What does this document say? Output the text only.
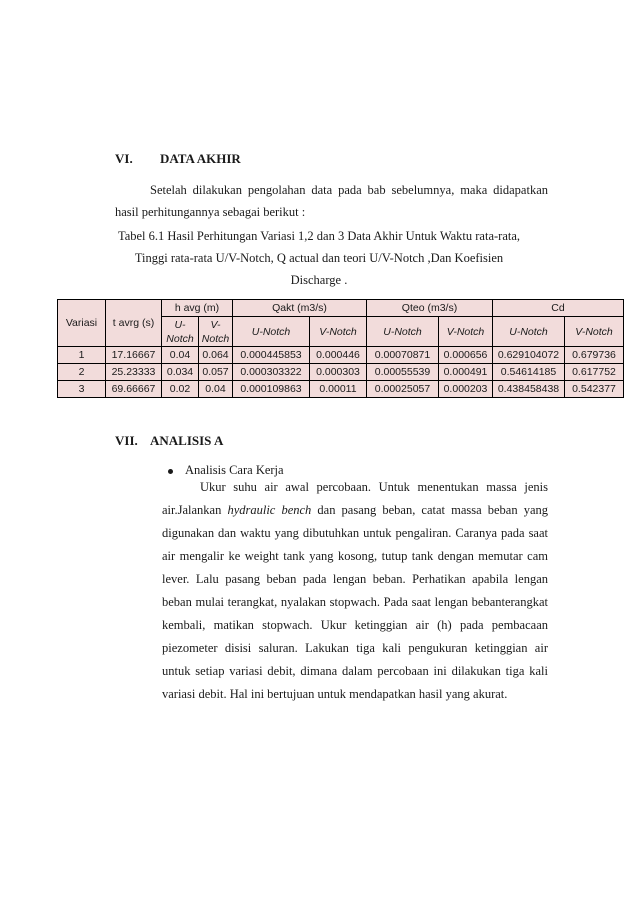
VI. DATA AKHIR
Setelah dilakukan pengolahan data pada bab sebelumnya, maka didapatkan
hasil perhitungannya sebagai berikut :
Tabel 6.1 Hasil Perhitungan Variasi 1,2 dan 3 Data Akhir Untuk Waktu rata-rata,
Tinggi rata-rata U/V-Notch, Q actual dan teori U/V-Notch ,Dan Koefisien
Discharge .
Variasi	t avrg (s)	h avg (m)		Qakt (m3/s)		Qteo (m3/s)		Cd	
		U-Notch	V-Notch	U-Notch	V-Notch	U-Notch	V-Notch	U-Notch	V-Notch
1	17.16667	0.04	0.064	0.000445853	0.000446	0.00070871	0.000656	0.629104072	0.679736
2	25.23333	0.034	0.057	0.000303322	0.000303	0.00055539	0.000491	0.54614185	0.617752
3	69.66667	0.02	0.04	0.000109863	0.00011	0.00025057	0.000203	0.438458438	0.542377
VII. ANALISIS A
Analisis Cara Kerja
Ukur suhu air awal percobaan. Untuk menentukan massa jenis
air.Jalankan hydraulic bench dan pasang beban, catat massa beban yang
digunakan dan waktu yang dibutuhkan untuk pengaliran. Caranya pada saat
air mengalir ke weight tank yang kosong, tutup tank dengan memutar cam
lever. Lalu pasang beban pada lengan beban. Perhatikan apabila lengan
beban mulai terangkat, nyalakan stopwach. Pada saat lengan bebanterangkat
kembali, matikan stopwach. Ukur ketinggian air (h) pada pembacaan
piezometer disisi saluran. Lakukan tiga kali pengukuran ketinggian air
untuk setiap variasi debit, dimana dalam percobaan ini dilakukan tiga kali
variasi debit. Hal ini bertujuan untuk mendapatkan hasil yang akurat.
